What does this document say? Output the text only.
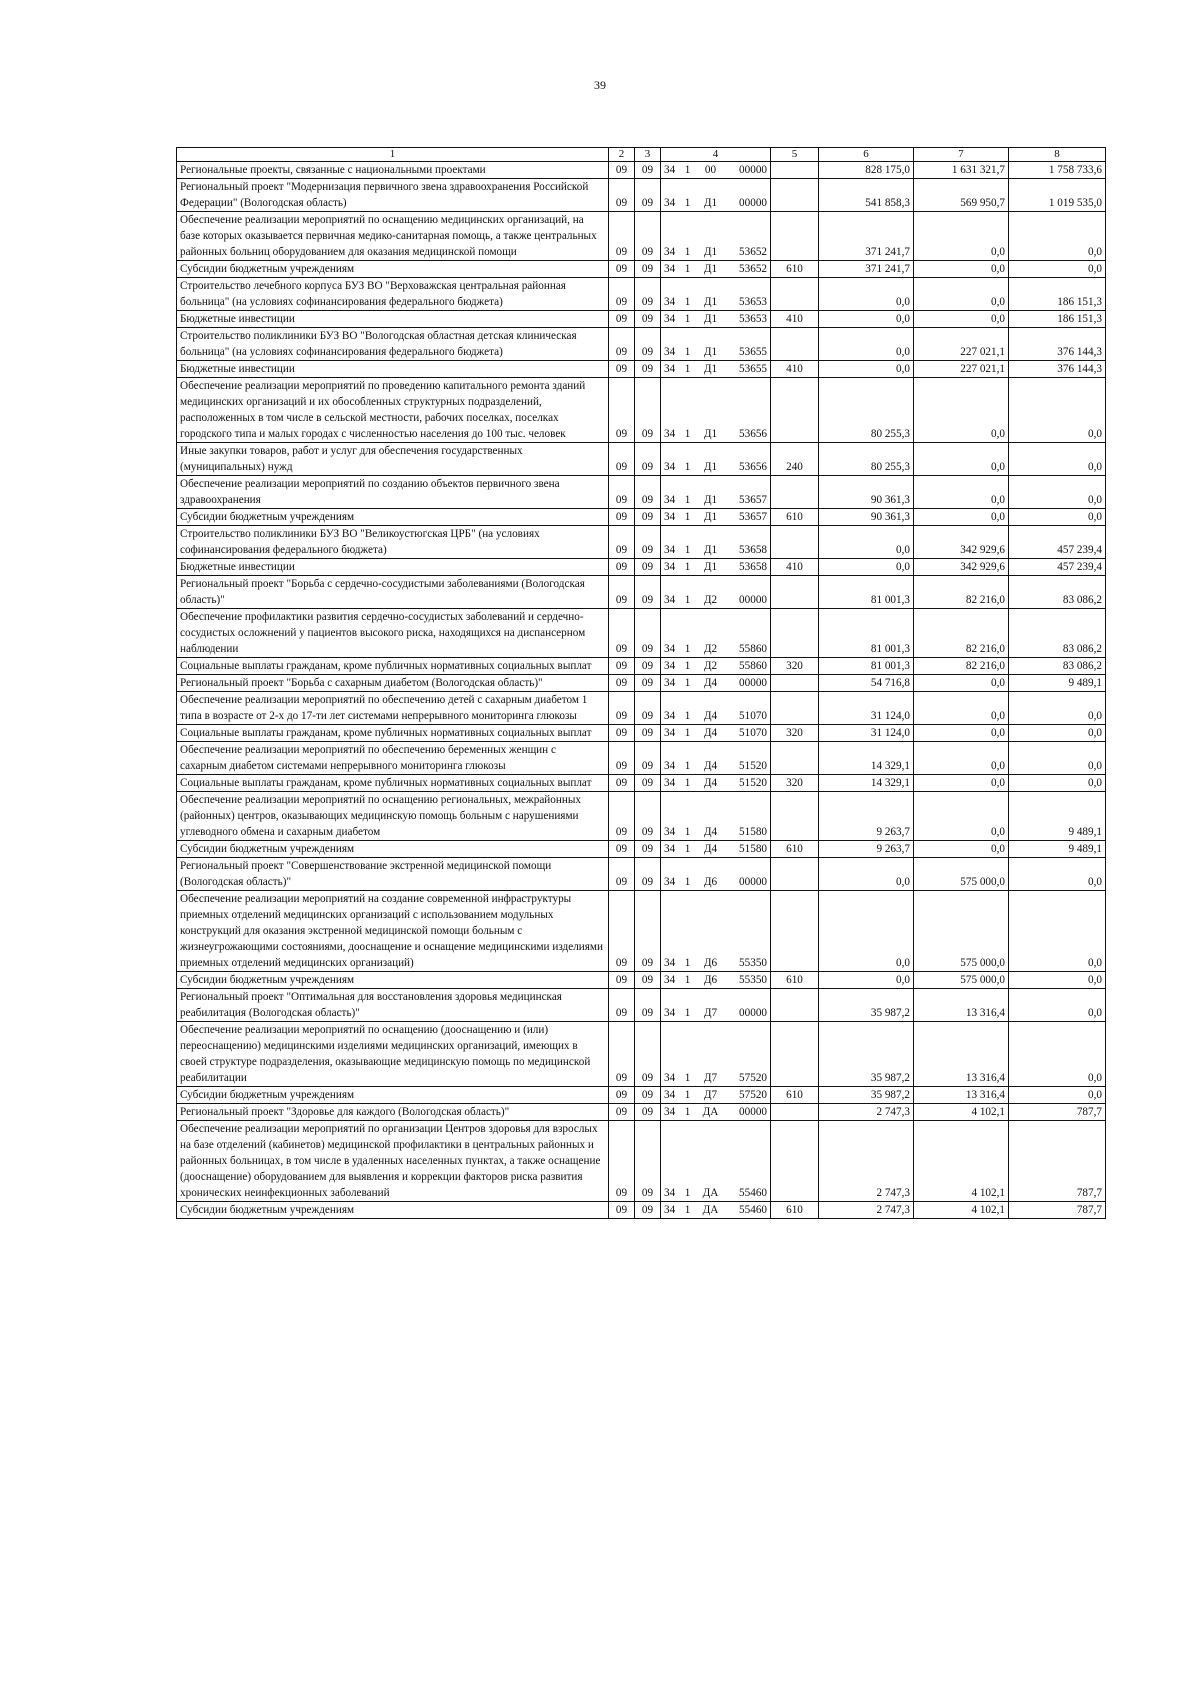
39
1	2	3	4				5	6	7	8
Региональные проекты, связанные с национальными проектами	09	09	34	1	00	00000		828 175,0	1 631 321,7	1 758 733,6
Региональный проект "Модернизация первичного звена здравоохранения Российской Федерации" (Вологодская область)	09	09	34	1	Д1	00000		541 858,3	569 950,7	1 019 535,0
Обеспечение реализации мероприятий по оснащению медицинских организаций, на базе которых оказывается первичная медико-санитарная помощь, а также центральных районных больниц оборудованием для оказания медицинской помощи	09	09	34	1	Д1	53652		371 241,7	0,0	0,0
Субсидии бюджетным учреждениям	09	09	34	1	Д1	53652	610	371 241,7	0,0	0,0
Строительство лечебного корпуса БУЗ ВО "Верховажская центральная районная больница" (на условиях софинансирования федерального бюджета)	09	09	34	1	Д1	53653		0,0	0,0	186 151,3
Бюджетные инвестиции	09	09	34	1	Д1	53653	410	0,0	0,0	186 151,3
Строительство поликлиники БУЗ ВО "Вологодская областная детская клиническая больница" (на условиях софинансирования федерального бюджета)	09	09	34	1	Д1	53655		0,0	227 021,1	376 144,3
Бюджетные инвестиции	09	09	34	1	Д1	53655	410	0,0	227 021,1	376 144,3
Обеспечение реализации мероприятий по проведению капитального ремонта зданий медицинских организаций и их обособленных структурных подразделений, расположенных в том числе в сельской местности, рабочих поселках, поселках городского типа и малых городах с численностью населения до 100 тыс. человек	09	09	34	1	Д1	53656		80 255,3	0,0	0,0
Иные закупки товаров, работ и услуг для обеспечения государственных (муниципальных) нужд	09	09	34	1	Д1	53656	240	80 255,3	0,0	0,0
Обеспечение реализации мероприятий по созданию объектов первичного звена здравоохранения	09	09	34	1	Д1	53657		90 361,3	0,0	0,0
Субсидии бюджетным учреждениям	09	09	34	1	Д1	53657	610	90 361,3	0,0	0,0
Строительство поликлиники БУЗ ВО "Великоустюгская ЦРБ" (на условиях софинансирования федерального бюджета)	09	09	34	1	Д1	53658		0,0	342 929,6	457 239,4
Бюджетные инвестиции	09	09	34	1	Д1	53658	410	0,0	342 929,6	457 239,4
Региональный проект "Борьба с сердечно-сосудистыми заболеваниями (Вологодская область)"	09	09	34	1	Д2	00000		81 001,3	82 216,0	83 086,2
Обеспечение профилактики развития сердечно-сосудистых заболеваний и сердечно-сосудистых осложнений у пациентов высокого риска, находящихся на диспансерном наблюдении	09	09	34	1	Д2	55860		81 001,3	82 216,0	83 086,2
Социальные выплаты гражданам, кроме публичных нормативных социальных выплат	09	09	34	1	Д2	55860	320	81 001,3	82 216,0	83 086,2
Региональный проект "Борьба с сахарным диабетом (Вологодская область)"	09	09	34	1	Д4	00000		54 716,8	0,0	9 489,1
Обеспечение реализации мероприятий по обеспечению детей с сахарным диабетом 1 типа в возрасте от 2-х до 17-ти лет системами непрерывного мониторинга глюкозы	09	09	34	1	Д4	51070		31 124,0	0,0	0,0
Социальные выплаты гражданам, кроме публичных нормативных социальных выплат	09	09	34	1	Д4	51070	320	31 124,0	0,0	0,0
Обеспечение реализации мероприятий по обеспечению беременных женщин с сахарным диабетом системами непрерывного мониторинга глюкозы	09	09	34	1	Д4	51520		14 329,1	0,0	0,0
Социальные выплаты гражданам, кроме публичных нормативных социальных выплат	09	09	34	1	Д4	51520	320	14 329,1	0,0	0,0
Обеспечение реализации мероприятий по оснащению региональных, межрайонных (районных) центров, оказывающих медицинскую помощь больным с нарушениями углеводного обмена и сахарным диабетом	09	09	34	1	Д4	51580		9 263,7	0,0	9 489,1
Субсидии бюджетным учреждениям	09	09	34	1	Д4	51580	610	9 263,7	0,0	9 489,1
Региональный проект "Совершенствование экстренной медицинской помощи (Вологодская область)"	09	09	34	1	Д6	00000		0,0	575 000,0	0,0
Обеспечение реализации мероприятий на создание современной инфраструктуры приемных отделений медицинских организаций с использованием модульных конструкций для оказания экстренной медицинской помощи больным с жизнеугрожающими состояниями, дооснащение и оснащение медицинскими изделиями приемных отделений медицинских организаций)	09	09	34	1	Д6	55350		0,0	575 000,0	0,0
Субсидии бюджетным учреждениям	09	09	34	1	Д6	55350	610	0,0	575 000,0	0,0
Региональный проект "Оптимальная для восстановления здоровья медицинская реабилитация (Вологодская область)"	09	09	34	1	Д7	00000		35 987,2	13 316,4	0,0
Обеспечение реализации мероприятий по оснащению (дооснащению и (или) переоснащению) медицинскими изделиями медицинских организаций, имеющих в своей структуре подразделения, оказывающие медицинскую помощь по медицинской реабилитации	09	09	34	1	Д7	57520		35 987,2	13 316,4	0,0
Субсидии бюджетным учреждениям	09	09	34	1	Д7	57520	610	35 987,2	13 316,4	0,0
Региональный проект "Здоровье для каждого (Вологодская область)"	09	09	34	1	ДА	00000		2 747,3	4 102,1	787,7
Обеспечение реализации мероприятий по организации Центров здоровья для взрослых на базе отделений (кабинетов) медицинской профилактики в центральных районных и районных больницах, в том числе в удаленных населенных пунктах, а также оснащение (дооснащение) оборудованием для выявления и коррекции факторов риска развития хронических неинфекционных заболеваний	09	09	34	1	ДА	55460		2 747,3	4 102,1	787,7
Субсидии бюджетным учреждениям	09	09	34	1	ДА	55460	610	2 747,3	4 102,1	787,7
